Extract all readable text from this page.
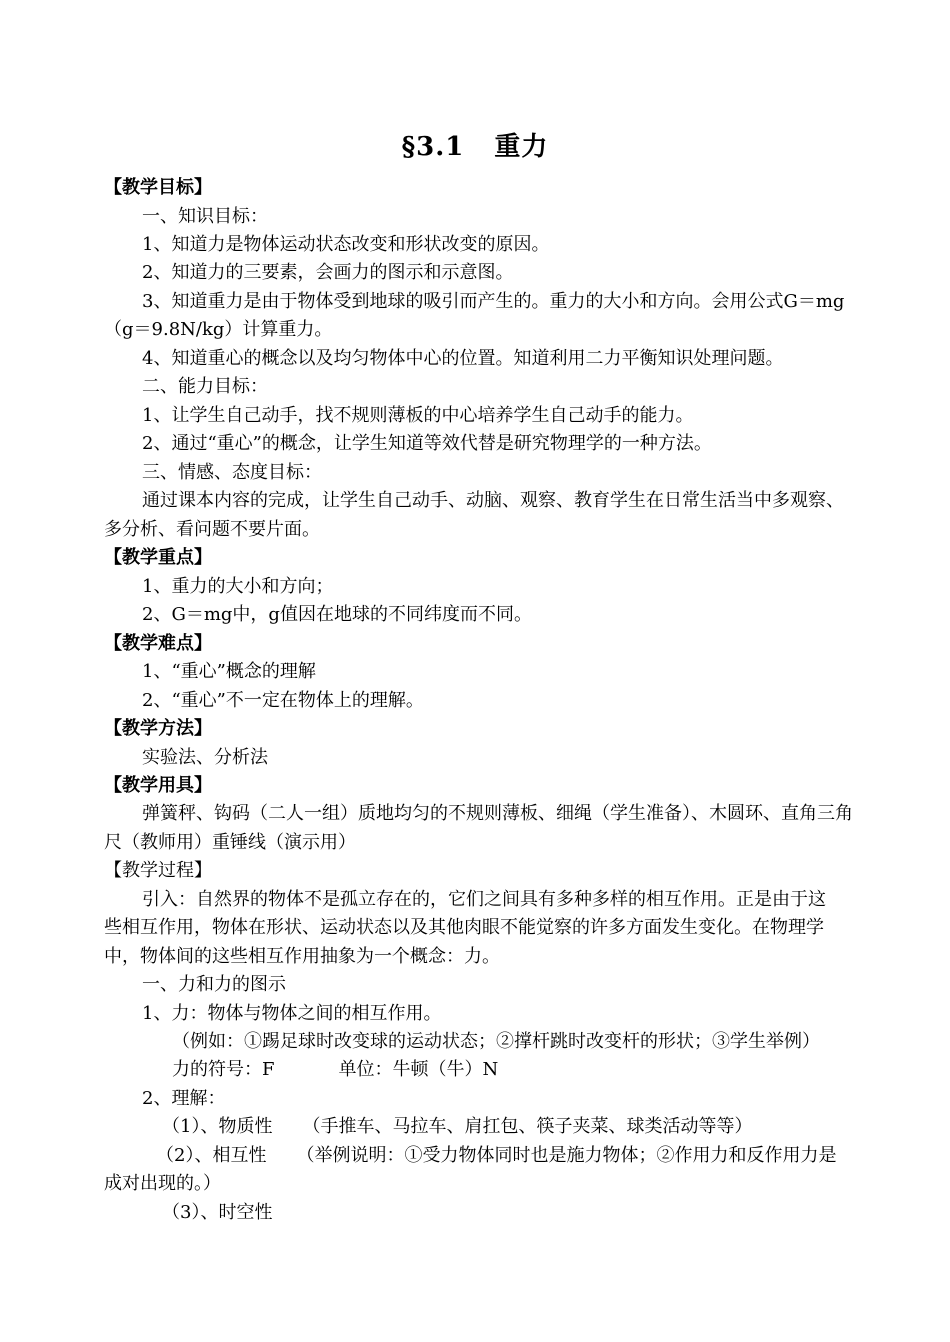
§3.1 重力
【教学目标】
一、知识目标：
1、知道力是物体运动状态改变和形状改变的原因。
2、知道力的三要素，会画力的图示和示意图。
3、知道重力是由于物体受到地球的吸引而产生的。重力的大小和方向。会用公式G＝mg
（g＝9.8N/kg）计算重力。
4、知道重心的概念以及均匀物体中心的位置。知道利用二力平衡知识处理问题。
二、能力目标：
1、让学生自己动手，找不规则薄板的中心培养学生自己动手的能力。
2、通过“重心”的概念，让学生知道等效代替是研究物理学的一种方法。
三、情感、态度目标：
通过课本内容的完成，让学生自己动手、动脑、观察、教育学生在日常生活当中多观察、
多分析、看问题不要片面。
【教学重点】
1、重力的大小和方向；
2、G＝mg中，g值因在地球的不同纬度而不同。
【教学难点】
1、“重心”概念的理解
2、“重心”不一定在物体上的理解。
【教学方法】
实验法、分析法
【教学用具】
弹簧秤、钩码（二人一组）质地均匀的不规则薄板、细绳（学生准备）、木圆环、直角三角
尺（教师用）重锤线（演示用）
【教学过程】
引入：自然界的物体不是孤立存在的，它们之间具有多种多样的相互作用。正是由于这
些相互作用，物体在形状、运动状态以及其他肉眼不能觉察的许多方面发生变化。在物理学
中，物体间的这些相互作用抽象为一个概念：力。
一、力和力的图示
1、力：物体与物体之间的相互作用。
（例如：①踢足球时改变球的运动状态；②撑杆跳时改变杆的形状；③学生举例）
力的符号：F	单位：牛顿（牛）N
2、理解：
（1）、物质性 （手推车、马拉车、肩扛包、筷子夹菜、球类活动等等）
（2）、相互性 （举例说明：①受力物体同时也是施力物体；②作用力和反作用力是
成对出现的。）
（3）、时空性
